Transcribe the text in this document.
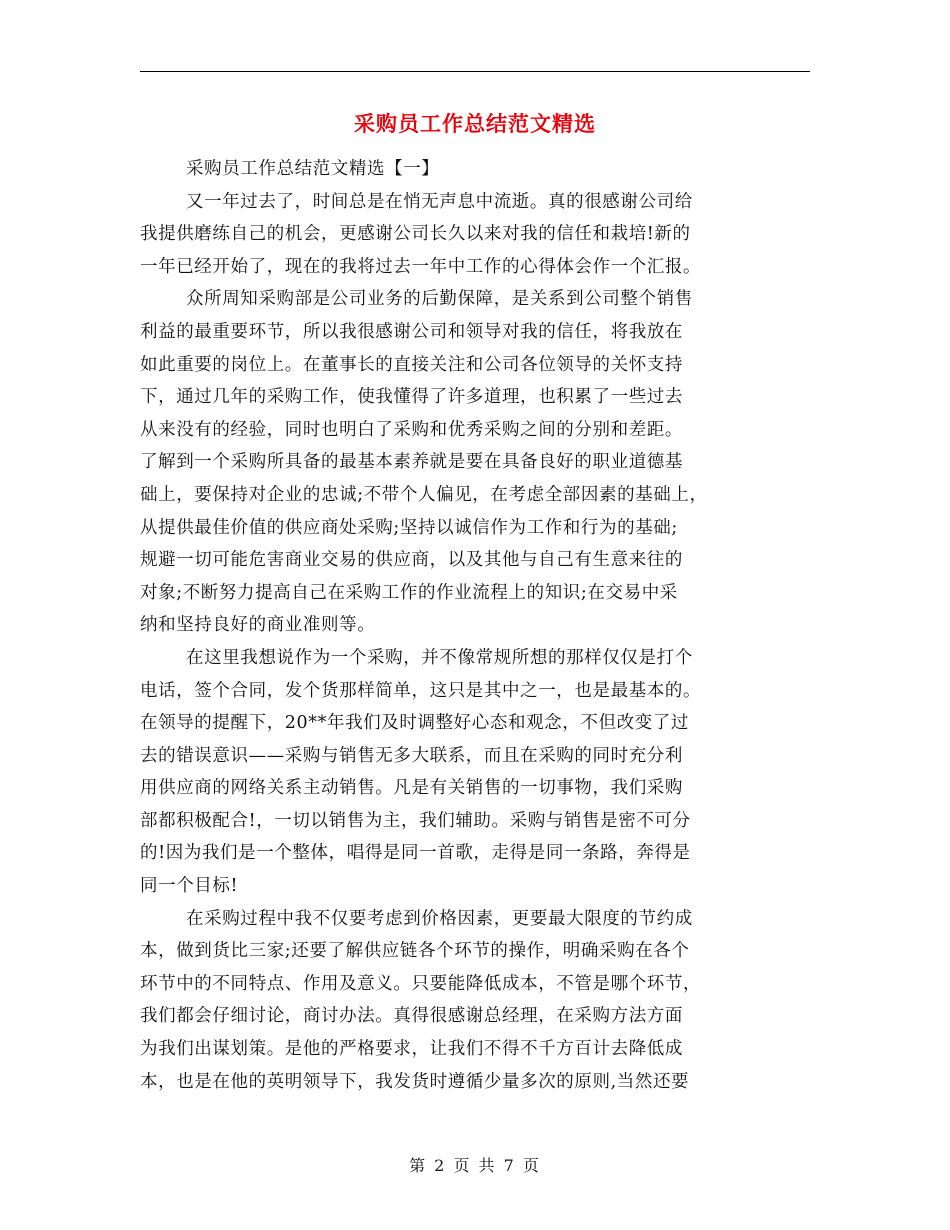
采购员工作总结范文精选
采购员工作总结范文精选【一】
又一年过去了，时间总是在悄无声息中流逝。真的很感谢公司给
我提供磨练自己的机会，更感谢公司长久以来对我的信任和栽培!新的
一年已经开始了，现在的我将过去一年中工作的心得体会作一个汇报。
众所周知采购部是公司业务的后勤保障，是关系到公司整个销售
利益的最重要环节，所以我很感谢公司和领导对我的信任，将我放在
如此重要的岗位上。在董事长的直接关注和公司各位领导的关怀支持
下，通过几年的采购工作，使我懂得了许多道理，也积累了一些过去
从来没有的经验，同时也明白了采购和优秀采购之间的分别和差距。
了解到一个采购所具备的最基本素养就是要在具备良好的职业道德基
础上，要保持对企业的忠诚;不带个人偏见，在考虑全部因素的基础上，
从提供最佳价值的供应商处采购;坚持以诚信作为工作和行为的基础;
规避一切可能危害商业交易的供应商，以及其他与自己有生意来往的
对象;不断努力提高自己在采购工作的作业流程上的知识;在交易中采
纳和坚持良好的商业准则等。
在这里我想说作为一个采购，并不像常规所想的那样仅仅是打个
电话，签个合同，发个货那样简单，这只是其中之一，也是最基本的。
在领导的提醒下，20**年我们及时调整好心态和观念，不但改变了过
去的错误意识——采购与销售无多大联系，而且在采购的同时充分利
用供应商的网络关系主动销售。凡是有关销售的一切事物，我们采购
部都积极配合!，一切以销售为主，我们辅助。采购与销售是密不可分
的!因为我们是一个整体，唱得是同一首歌，走得是同一条路，奔得是
同一个目标!
在采购过程中我不仅要考虑到价格因素，更要最大限度的节约成
本，做到货比三家;还要了解供应链各个环节的操作，明确采购在各个
环节中的不同特点、作用及意义。只要能降低成本，不管是哪个环节，
我们都会仔细讨论，商讨办法。真得很感谢总经理，在采购方法方面
为我们出谋划策。是他的严格要求，让我们不得不千方百计去降低成
本，也是在他的英明领导下，我发货时遵循少量多次的原则,当然还要
第 2 页 共 7 页
